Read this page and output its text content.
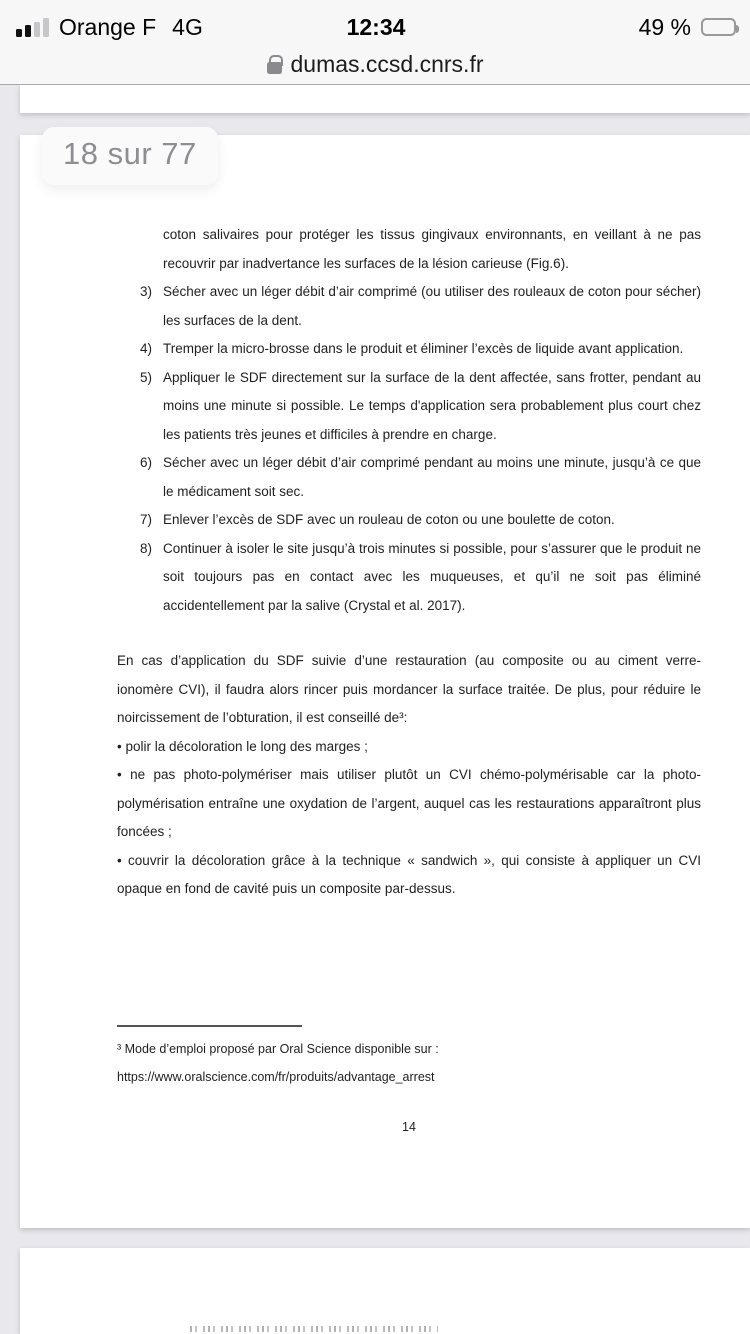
Orange F 4G	12:34	49 %
dumas.ccsd.cnrs.fr
coton salivaires pour protéger les tissus gingivaux environnants, en veillant à ne pas recouvrir par inadvertance les surfaces de la lésion carieuse (Fig.6).
3) Sécher avec un léger débit d’air comprimé (ou utiliser des rouleaux de coton pour sécher) les surfaces de la dent.
4) Tremper la micro-brosse dans le produit et éliminer l’excès de liquide avant application.
5) Appliquer le SDF directement sur la surface de la dent affectée, sans frotter, pendant au moins une minute si possible. Le temps d'application sera probablement plus court chez les patients très jeunes et difficiles à prendre en charge.
6) Sécher avec un léger débit d’air comprimé pendant au moins une minute, jusqu’à ce que le médicament soit sec.
7) Enlever l’excès de SDF avec un rouleau de coton ou une boulette de coton.
8) Continuer à isoler le site jusqu’à trois minutes si possible, pour s’assurer que le produit ne soit toujours pas en contact avec les muqueuses, et qu’il ne soit pas éliminé accidentellement par la salive (Crystal et al. 2017).
En cas d’application du SDF suivie d’une restauration (au composite ou au ciment verre-ionomère CVI), il faudra alors rincer puis mordancer la surface traitée. De plus, pour réduire le noircissement de l’obturation, il est conseillé de³:
• polir la décoloration le long des marges ;
• ne pas photo-polymériser mais utiliser plutôt un CVI chémo-polymérisable car la photo-polymérisation entraîne une oxydation de l’argent, auquel cas les restaurations apparaîtront plus foncées ;
• couvrir la décoloration grâce à la technique « sandwich », qui consiste à appliquer un CVI opaque en fond de cavité puis un composite par-dessus.
³ Mode d’emploi proposé par Oral Science disponible sur :
https://www.oralscience.com/fr/produits/advantage_arrest
14
18 sur 77
